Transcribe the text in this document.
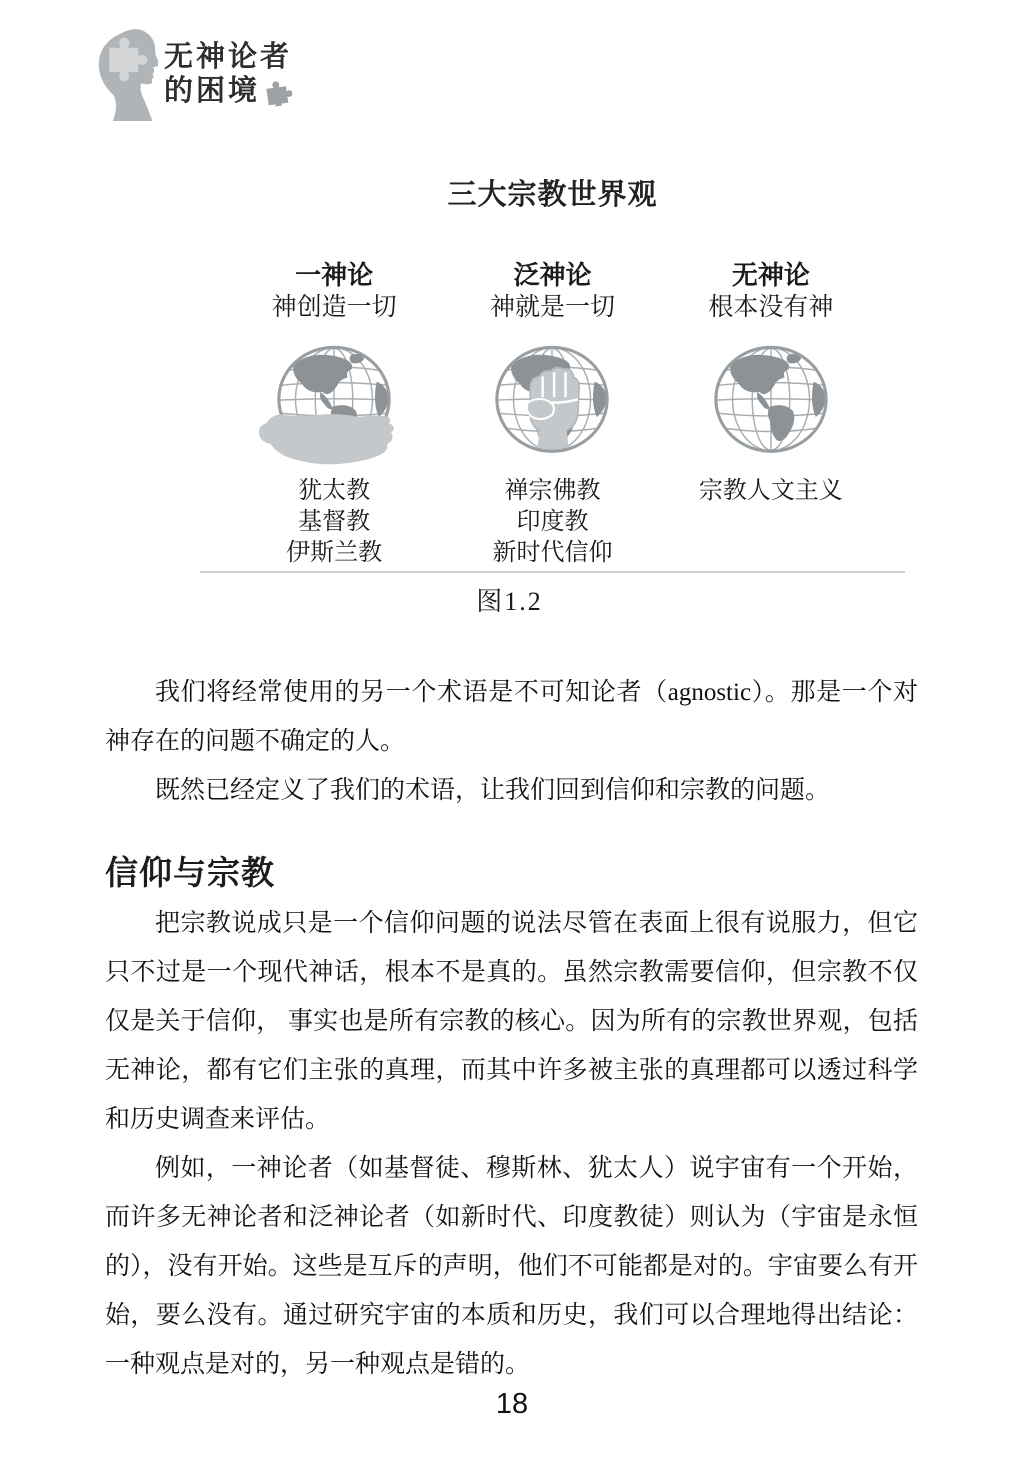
无神论者
的困境
三大宗教世界观
一神论
神创造一切
犹太教
基督教
伊斯兰教
泛神论
神就是一切
禅宗佛教
印度教
新时代信仰
无神论
根本没有神
宗教人文主义
图1.2

我们将经常使用的另一个术语是不可知论者（agnostic）。那是一个对神存在的问题不确定的人。

既然已经定义了我们的术语，让我们回到信仰和宗教的问题。

信仰与宗教

把宗教说成只是一个信仰问题的说法尽管在表面上很有说服力，但它只不过是一个现代神话，根本不是真的。虽然宗教需要信仰，但宗教不仅仅是关于信仰， 事实也是所有宗教的核心。因为所有的宗教世界观，包括无神论，都有它们主张的真理，而其中许多被主张的真理都可以透过科学和历史调查来评估。

例如，一神论者（如基督徒、穆斯林、犹太人）说宇宙有一个开始，而许多无神论者和泛神论者（如新时代、印度教徒）则认为（宇宙是永恒的），没有开始。这些是互斥的声明，他们不可能都是对的。宇宙要么有开始，要么没有。通过研究宇宙的本质和历史，我们可以合理地得出结论：一种观点是对的，另一种观点是错的。

18
